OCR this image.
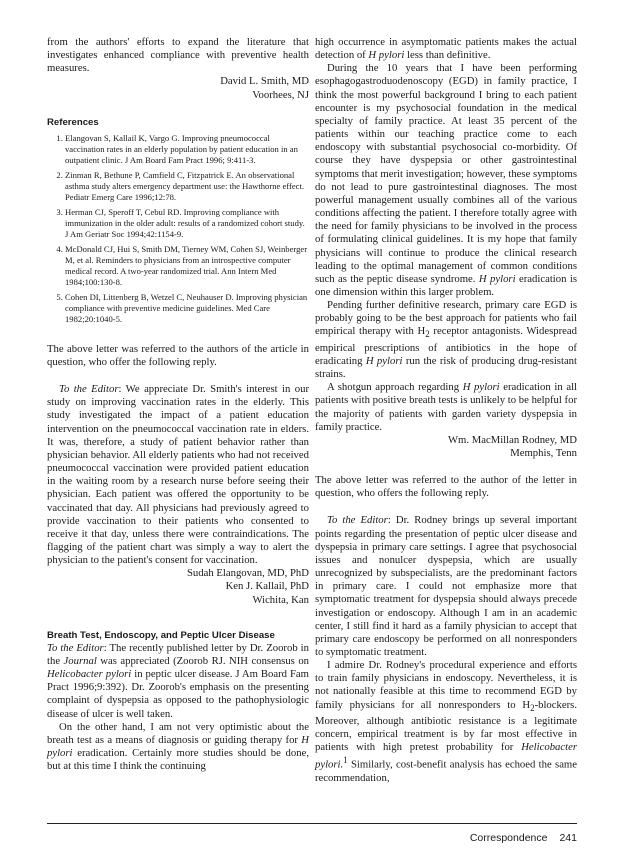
from the authors' efforts to expand the literature that investigates enhanced compliance with preventive health measures.

David L. Smith, MD

Voorhees, NJ

References
1. Elangovan S, Kallail K, Vargo G. Improving pneumococcal vaccination rates in an elderly population by patient education in an outpatient clinic. J Am Board Fam Pract 1996; 9:411-3.
2. Zinman R, Bethune P, Camfield C, Fitzpatrick E. An observational asthma study alters emergency department use: the Hawthorne effect. Pediatr Emerg Care 1996;12:78.
3. Herman CJ, Speroff T, Cebul RD. Improving compliance with immunization in the older adult: results of a randomized cohort study. J Am Geriatr Soc 1994;42:1154-9.
4. McDonald CJ, Hui S, Smith DM, Tierney WM, Cohen SJ, Weinberger M, et al. Reminders to physicians from an introspective computer medical record. A two-year randomized trial. Ann Intern Med 1984;100:130-8.
5. Cohen DI, Littenberg B, Wetzel C, Neuhauser D. Improving physician compliance with preventive medicine guidelines. Med Care 1982;20:1040-5.

The above letter was referred to the authors of the article in question, who offer the following reply.

To the Editor: We appreciate Dr. Smith's interest in our study on improving vaccination rates in the elderly. This study investigated the impact of a patient education intervention on the pneumococcal vaccination rate in elders. It was, therefore, a study of patient behavior rather than physician behavior. All elderly patients who had not received pneumococcal vaccination were provided patient education in the waiting room by a research nurse before seeing their physician. Each patient was offered the opportunity to be vaccinated that day. All physicians had previously agreed to provide vaccination to their patients who consented to receive it that day, unless there were contraindications. The flagging of the patient chart was simply a way to alert the physician to the patient's consent for vaccination.

Sudah Elangovan, MD, PhD

Ken J. Kallail, PhD

Wichita, Kan

Breath Test, Endoscopy, and Peptic Ulcer Disease

To the Editor: The recently published letter by Dr. Zoorob in the Journal was appreciated (Zoorob RJ. NIH consensus on Helicobacter pylori in peptic ulcer disease. J Am Board Fam Pract 1996;9:392). Dr. Zoorob's emphasis on the presenting complaint of dyspepsia as opposed to the pathophysiologic disease of ulcer is well taken.

On the other hand, I am not very optimistic about the breath test as a means of diagnosis or guiding therapy for H pylori eradication. Certainly more studies should be done, but at this time I think the continuing

high occurrence in asymptomatic patients makes the actual detection of H pylori less than definitive.

During the 10 years that I have been performing esophagogastroduodenoscopy (EGD) in family practice, I think the most powerful background I bring to each patient encounter is my psychosocial foundation in the medical specialty of family practice. At least 35 percent of the patients within our teaching practice come to each endoscopy with substantial psychosocial co-morbidity. Of course they have dyspepsia or other gastrointestinal symptoms that merit investigation; however, these symptoms do not lead to pure gastrointestinal diagnoses. The most powerful management usually combines all of the various conditions affecting the patient. I therefore totally agree with the need for family physicians to be involved in the process of formulating clinical guidelines. It is my hope that family physicians will continue to produce the clinical research leading to the optimal management of common conditions such as the peptic disease syndrome. H pylori eradication is one dimension within this larger problem.

Pending further definitive research, primary care EGD is probably going to be the best approach for patients who fail empirical therapy with $H_2$ receptor antagonists. Widespread empirical prescriptions of antibiotics in the hope of eradicating H pylori run the risk of producing drug-resistant strains.

A shotgun approach regarding H pylori eradication in all patients with positive breath tests is unlikely to be helpful for the majority of patients with garden variety dyspepsia in family practice.

Wm. MacMillan Rodney, MD

Memphis, Tenn

The above letter was referred to the author of the letter in question, who offers the following reply.

To the Editor: Dr. Rodney brings up several important points regarding the presentation of peptic ulcer disease and dyspepsia in primary care settings. I agree that psychosocial issues and nonulcer dyspepsia, which are usually unrecognized by subspecialists, are the predominant factors in primary care. I could not emphasize more that symptomatic treatment for dyspepsia should always precede investigation or endoscopy. Although I am in an academic center, I still find it hard as a family physician to accept that primary care endoscopy be performed on all nonresponders to symptomatic treatment.

I admire Dr. Rodney's procedural experience and efforts to train family physicians in endoscopy. Nevertheless, it is not nationally feasible at this time to recommend EGD by family physicians for all nonresponders to $H_2$-blockers. Moreover, although antibiotic resistance is a legitimate concern, empirical treatment is by far most effective in patients with high pretest probability for Helicobacter pylori.$^1$ Similarly, cost-benefit analysis has echoed the same recommendation,

Correspondence 241
